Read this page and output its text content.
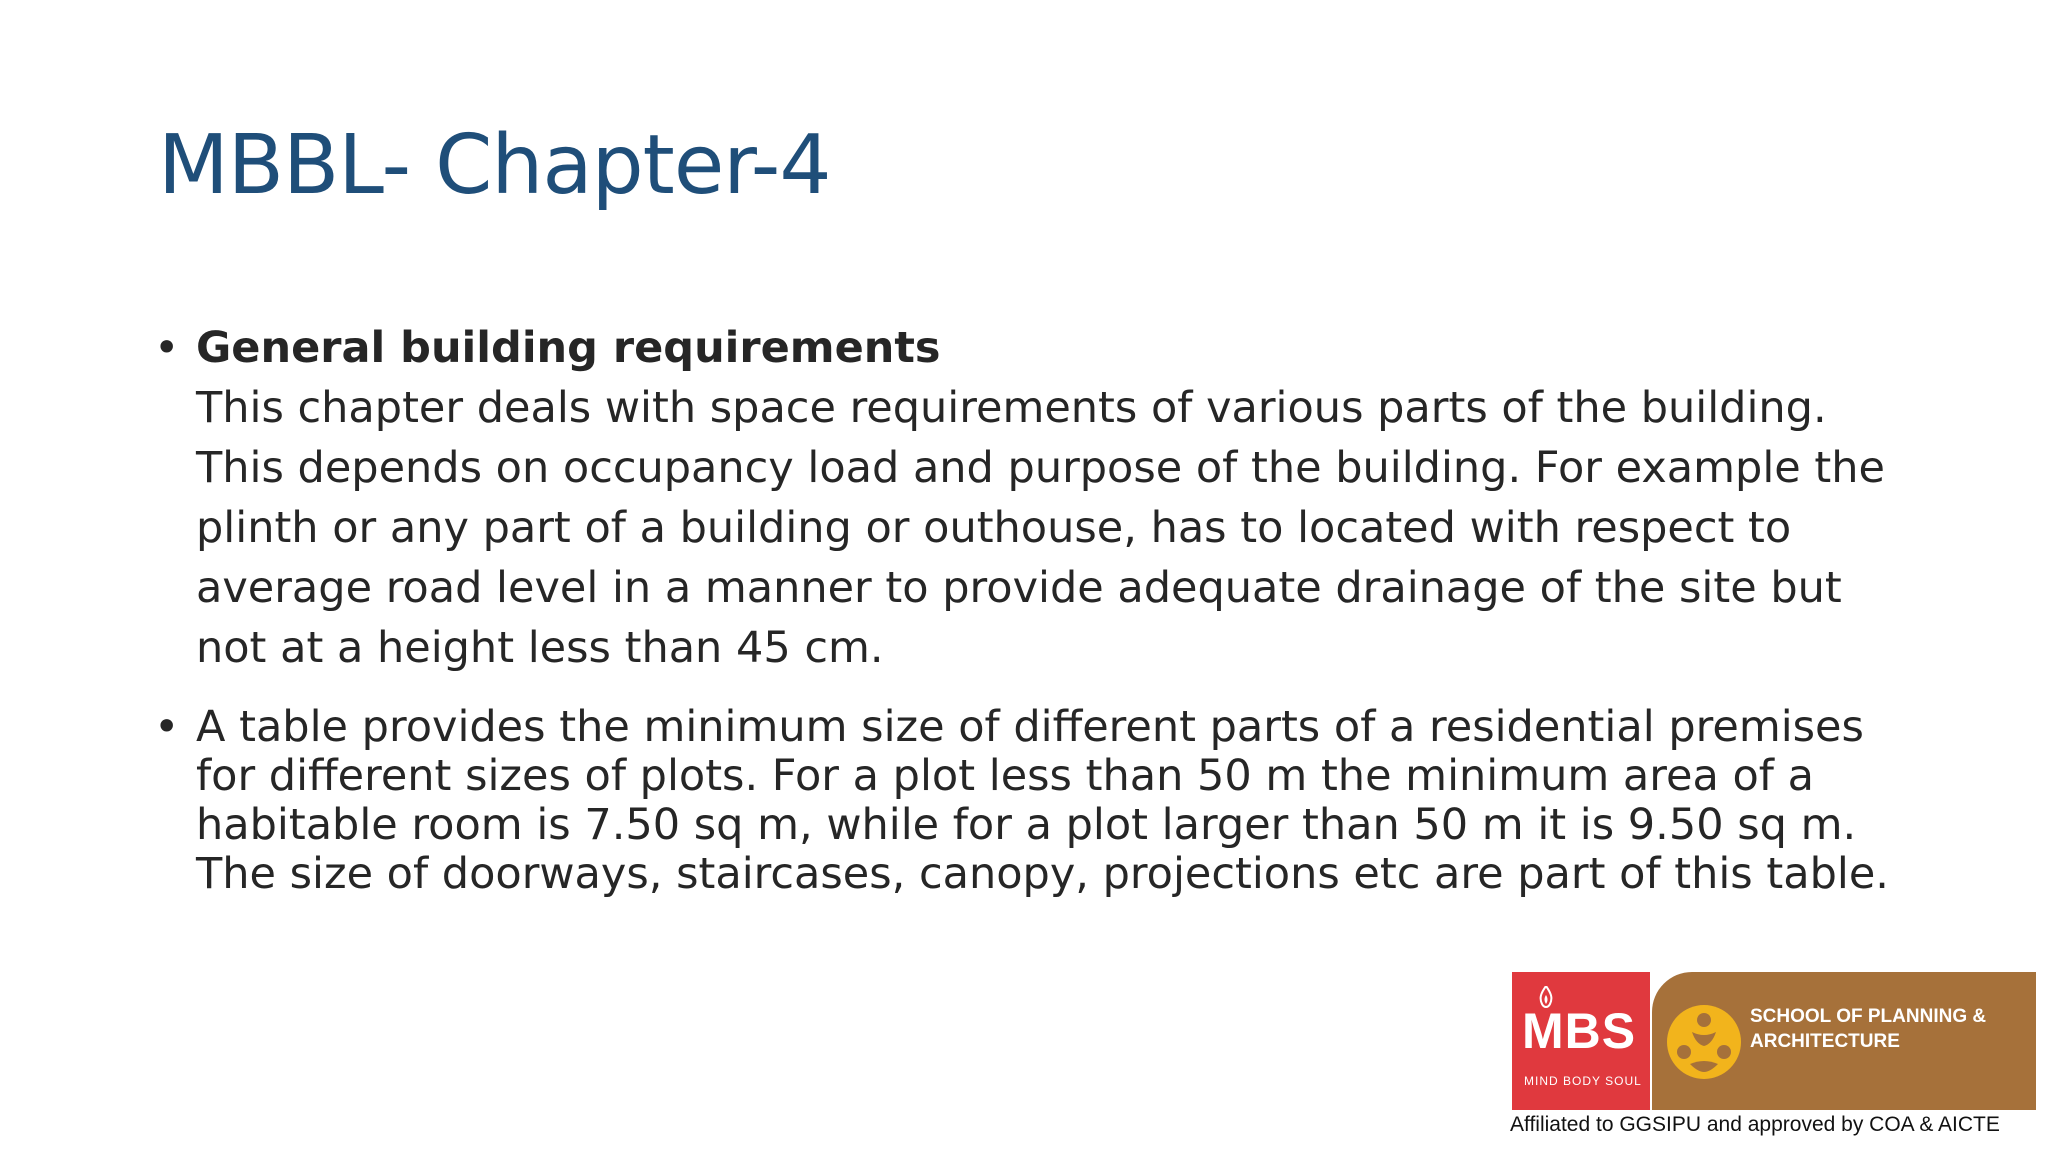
MBBL- Chapter-4
• General building requirements
This chapter deals with space requirements of various parts of the building. This depends on occupancy load and purpose of the building. For example the plinth or any part of a building or outhouse, has to located with respect to average road level in a manner to provide adequate drainage of the site but not at a height less than 45 cm.
• A table provides the minimum size of different parts of a residential premises for different sizes of plots. For a plot less than 50 m the minimum area of a habitable room is 7.50 sq m, while for a plot larger than 50 m it is 9.50 sq m. The size of doorways, staircases, canopy, projections etc are part of this table.
MBS
MIND BODY SOUL
SCHOOL OF PLANNING &
ARCHITECTURE
Affiliated to GGSIPU and approved by COA & AICTE
